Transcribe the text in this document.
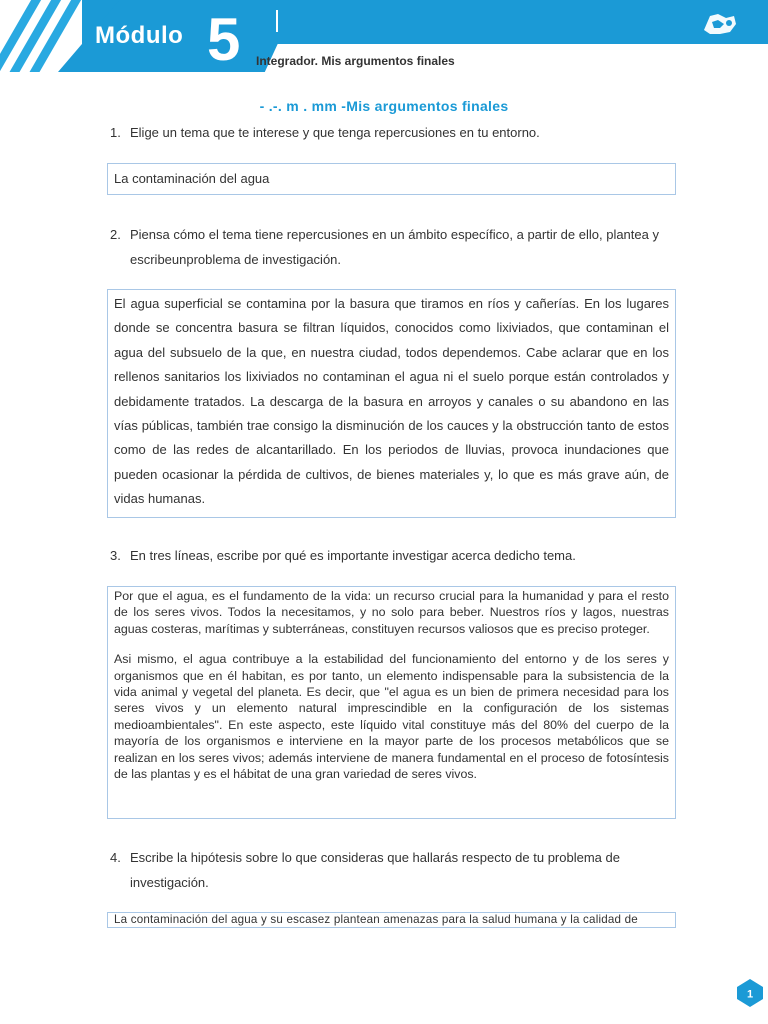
Módulo 5 Integrador. Mis argumentos finales
- .-. m . mm -Mis argumentos finales
1. Elige un tema que te interese y que tenga repercusiones en tu entorno.
La contaminación del agua
2. Piensa cómo el tema tiene repercusiones en un ámbito específico, a partir de ello, plantea y escribeunproblema de investigación.
El agua superficial se contamina por la basura que tiramos en ríos y cañerías. En los lugares donde se concentra basura se filtran líquidos, conocidos como lixiviados, que contaminan el agua del subsuelo de la que, en nuestra ciudad, todos dependemos. Cabe aclarar que en los rellenos sanitarios los lixiviados no contaminan el agua ni el suelo porque están controlados y debidamente tratados. La descarga de la basura en arroyos y canales o su abandono en las vías públicas, también trae consigo la disminución de los cauces y la obstrucción tanto de estos como de las redes de alcantarillado. En los periodos de lluvias, provoca inundaciones que pueden ocasionar la pérdida de cultivos, de bienes materiales y, lo que es más grave aún, de vidas humanas.
3. En tres líneas, escribe por qué es importante investigar acerca dedicho tema.

Por que el agua, es el fundamento de la vida: un recurso crucial para la humanidad y para el resto de los seres vivos. Todos la necesitamos, y no solo para beber. Nuestros ríos y lagos, nuestras aguas costeras, marítimas y subterráneas, constituyen recursos valiosos que es preciso proteger.

Asi mismo, el agua contribuye a la estabilidad del funcionamiento del entorno y de los seres y organismos que en él habitan, es por tanto, un elemento indispensable para la subsistencia de la vida animal y vegetal del planeta. Es decir, que "el agua es un bien de primera necesidad para los seres vivos y un elemento natural imprescindible en la configuración de los sistemas medioambientales". En este aspecto, este líquido vital constituye más del 80% del cuerpo de la mayoría de los organismos e interviene en la mayor parte de los procesos metabólicos que se realizan en los seres vivos; además interviene de manera fundamental en el proceso de fotosíntesis de las plantas y es el hábitat de una gran variedad de seres vivos.

4. Escribe la hipótesis sobre lo que consideras que hallarás respecto de tu problema de investigación.
La contaminación del agua y su escasez plantean amenazas para la salud humana y la calidad de
1
